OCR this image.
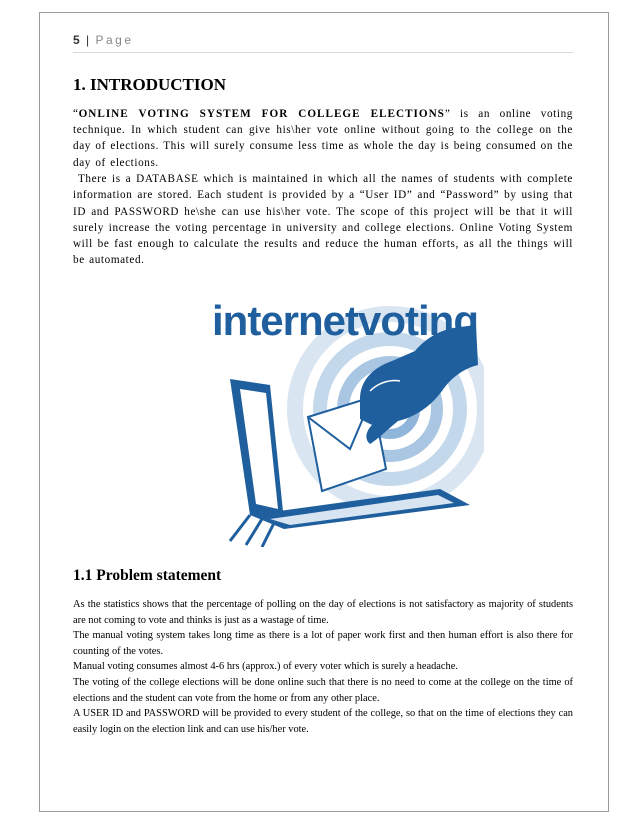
5 | Page
1. INTRODUCTION
“ONLINE VOTING SYSTEM FOR COLLEGE ELECTIONS” is an online voting technique. In which student can give his\her vote online without going to the college on the day of elections. This will surely consume less time as whole the day is being consumed on the day of elections.
There is a DATABASE which is maintained in which all the names of students with complete information are stored. Each student is provided by a “User ID” and “Password” by using that ID and PASSWORD he\she can use his\her vote. The scope of this project will be that it will surely increase the voting percentage in university and college elections. Online Voting System will be fast enough to calculate the results and reduce the human efforts, as all the things will be automated.
internetvoting
1.1 Problem statement
As the statistics shows that the percentage of polling on the day of elections is not satisfactory as majority of students are not coming to vote and thinks is just as a wastage of time.
The manual voting system takes long time as there is a lot of paper work first and then human effort is also there for counting of the votes.
Manual voting consumes almost 4-6 hrs (approx.) of every voter which is surely a headache.
The voting of the college elections will be done online such that there is no need to come at the college on the time of elections and the student can vote from the home or from any other place.
A USER ID and PASSWORD will be provided to every student of the college, so that on the time of elections they can easily login on the election link and can use his/her vote.
